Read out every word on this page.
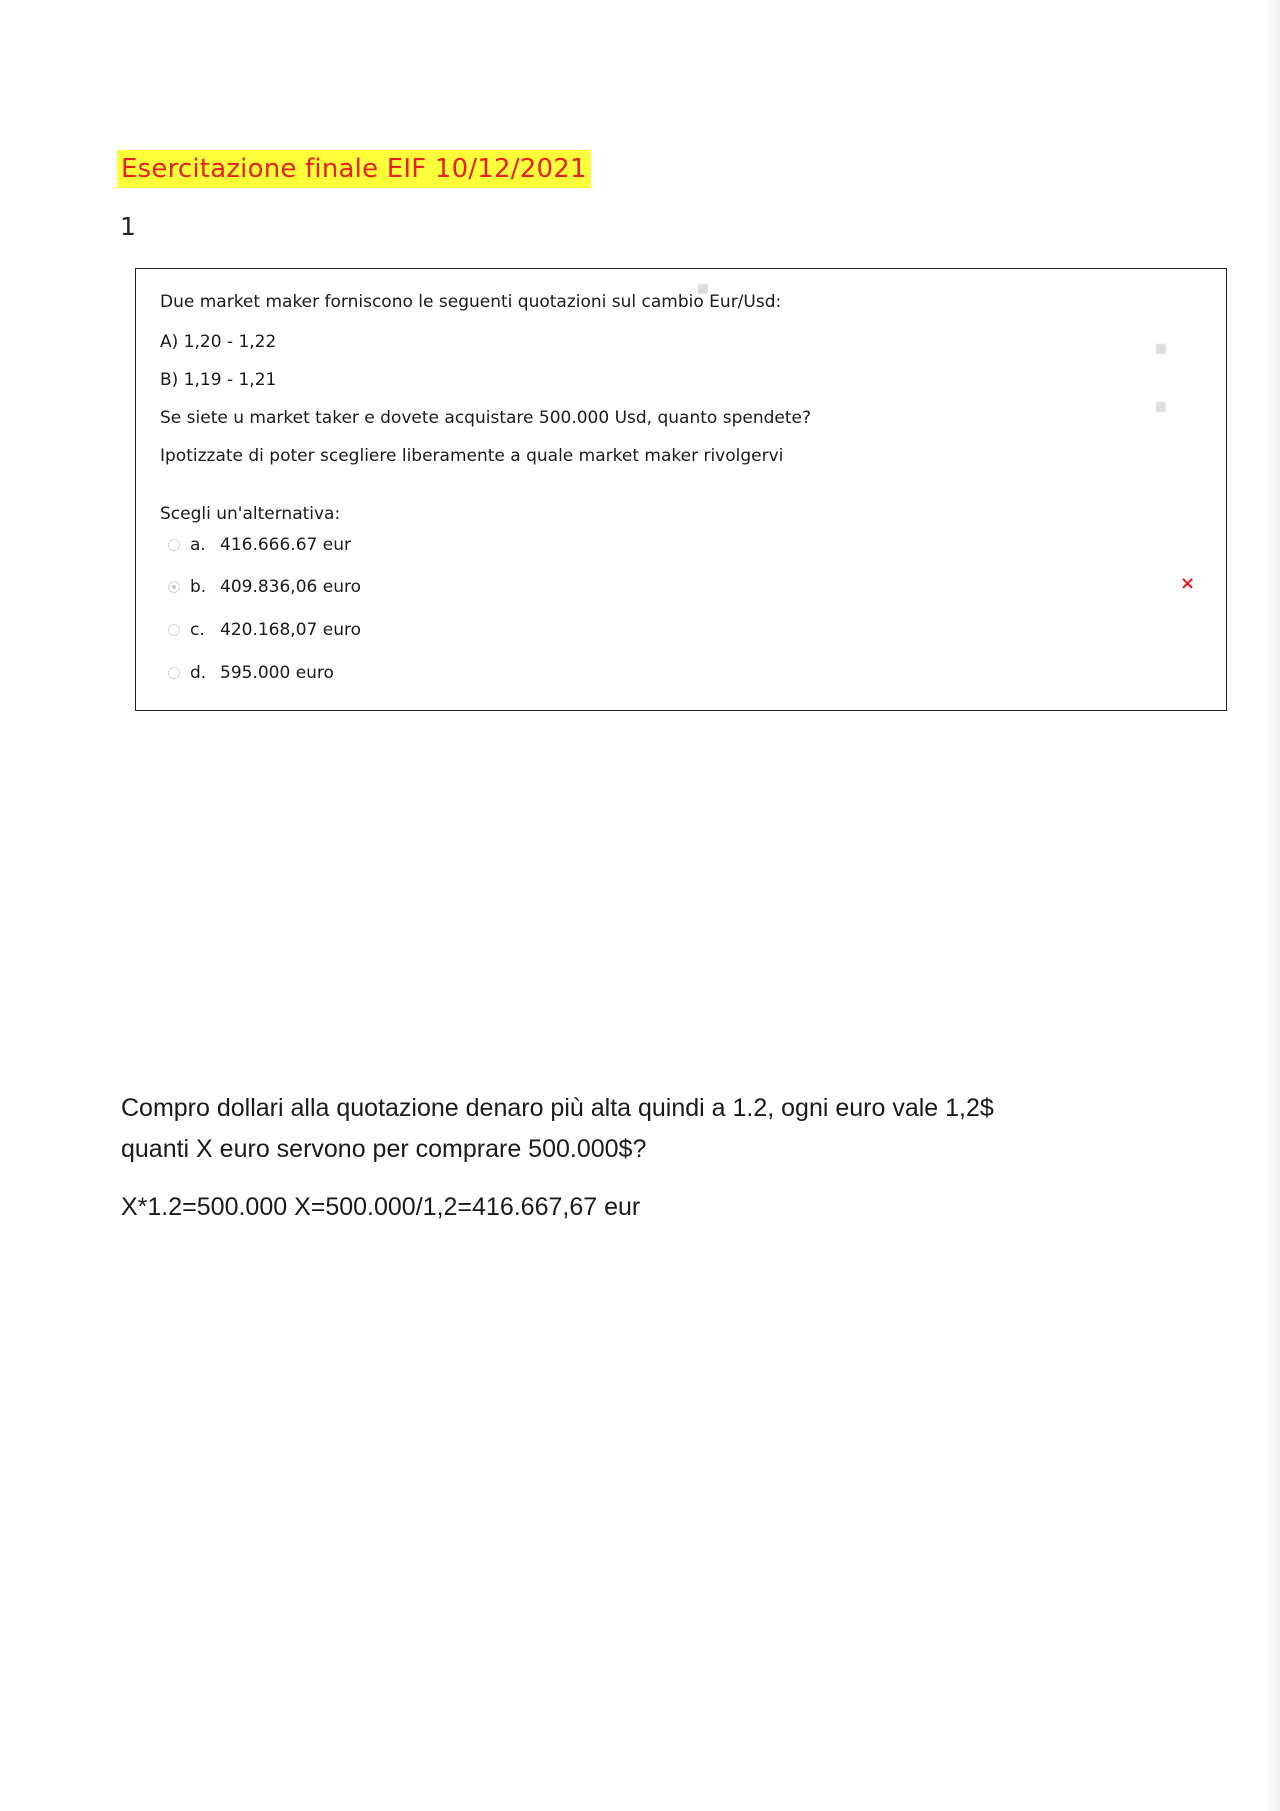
Esercitazione finale EIF 10/12/2021
1
▪
▪
▪
Due market maker forniscono le seguenti quotazioni sul cambio Eur/Usd:
A) 1,20 - 1,22
B) 1,19 - 1,21
Se siete u market taker e dovete acquistare 500.000 Usd, quanto spendete?
Ipotizzate di poter scegliere liberamente a quale market maker rivolgervi
Scegli un'alternativa:
a. 416.666.67 eur
b. 409.836,06 euro
c. 420.168,07 euro
d. 595.000 euro
×
Compro dollari alla quotazione denaro più alta quindi a 1.2, ogni euro vale 1,2$
quanti X euro servono per comprare 500.000$?
X*1.2=500.000 X=500.000/1,2=416.667,67 eur
